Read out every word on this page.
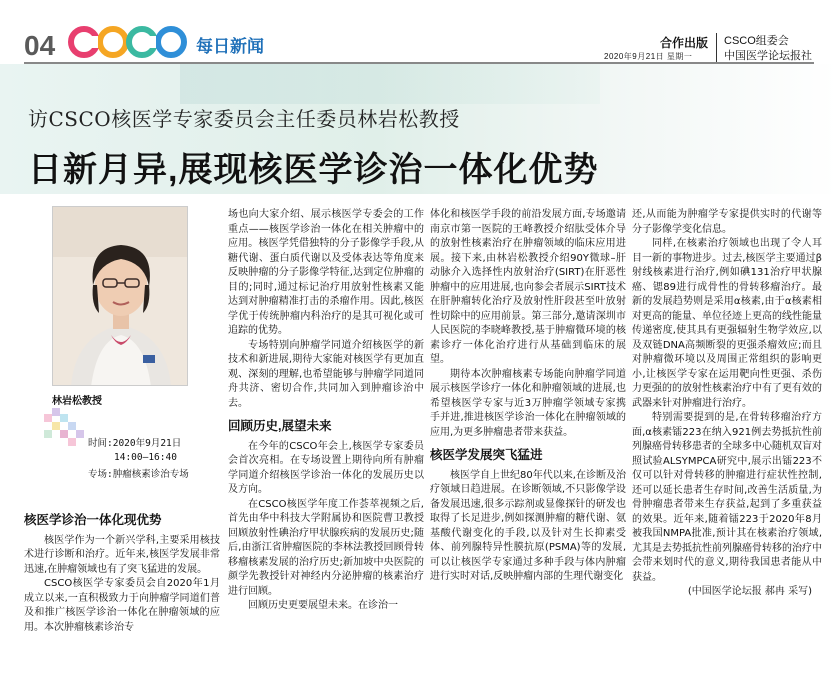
04	每日新闻	合作出版 CSCO组委会
中国医学论坛报社
2020年9月21日 星期一
访CSCO核医学专家委员会主任委员林岩松教授
日新月异,展现核医学诊治一体化优势
林岩松教授
时间:2020年9月21日
14:00–16:40
专场:肿瘤核素诊治专场
核医学诊治一体化现优势

核医学作为一个新兴学科,主要采用核技术进行诊断和治疗。近年来,核医学发展非常迅速,在肿瘤领域也有了突飞猛进的发展。

CSCO核医学专家委员会自2020年1月成立以来,一直积极致力于向肿瘤学同道们普及和推广核医学诊治一体化在肿瘤领域的应用。本次肿瘤核素诊治专

场也向大家介绍、展示核医学专委会的工作重点——核医学诊治一体化在相关肿瘤中的应用。核医学凭借独特的分子影像学手段,从糖代谢、蛋白质代谢以及受体表达等角度来反映肿瘤的分子影像学特征,达到定位肿瘤的目的;同时,通过标记治疗用放射性核素又能达到对肿瘤精准打击的杀瘤作用。因此,核医学优于传统肿瘤内科治疗的是其可视化或可追踪的优势。

专场特别向肿瘤学同道介绍核医学的新技术和新进展,期待大家能对核医学有更加直观、深刻的理解,也希望能够与肿瘤学同道同舟共济、密切合作,共同加入到肿瘤诊治中去。

回顾历史,展望未来

在今年的CSCO年会上,核医学专家委员会首次亮相。在专场设置上期待向所有肿瘤学同道介绍核医学诊治一体化的发展历史以及方向。

在CSCO核医学年度工作荟萃视频之后,首先由华中科技大学附属协和医院曹卫教授回顾放射性碘治疗甲状腺疾病的发展历史;随后,由浙江省肿瘤医院的李林法教授回顾骨转移瘤核素发展的治疗历史;新加坡中央医院的颜学先教授针对神经内分泌肿瘤的核素治疗进行回顾。

回顾历史更要展望未来。在诊治一

体化和核医学手段的前沿发展方面,专场邀请南京市第一医院的王峰教授介绍肽受体介导的放射性核素治疗在肿瘤领域的临床应用进展。接下来,由林岩松教授介绍90Y微球–肝动脉介入选择性内放射治疗(SIRT)在肝恶性肿瘤中的应用进展,也向参会者展示SIRT技术在肝肿瘤转化治疗及放射性肝段甚至叶放射性切除中的应用前景。第三部分,邀请深圳市人民医院的李晓峰教授,基于肿瘤微环境的核素诊疗一体化治疗进行从基础到临床的展望。

期待本次肿瘤核素专场能向肿瘤学同道展示核医学诊疗一体化和肿瘤领域的进展,也希望核医学专家与近3万肿瘤学领域专家携手并进,推进核医学诊治一体化在肿瘤领域的应用,为更多肿瘤患者带来获益。

核医学发展突飞猛进

核医学自上世纪80年代以来,在诊断及治疗领域日趋进展。在诊断领域,不只影像学设备发展迅速,很多示踪剂或显像探针的研发也取得了长足进步,例如探测肿瘤的糖代谢、氨基酸代谢变化的手段,以及针对生长抑素受体、前列腺特异性膜抗原(PSMA)等的发展,可以让核医学专家通过多种手段与体内肿瘤进行实时对话,反映肿瘤内部的生理代谢变化

还,从而能为肿瘤学专家提供实时的代谢等分子影像学变化信息。

同样,在核素治疗领域也出现了令人耳目一新的事物进步。过去,核医学主要通过β射线核素进行治疗,例如碘131治疗甲状腺癌、锶89进行成骨性的骨转移瘤治疗。最新的发展趋势则是采用α核素,由于α核素相对更高的能量、单位径迹上更高的线性能量传递密度,使其具有更强辐射生物学效应,以及双链DNA高频断裂的更强杀瘤效应;而且对肿瘤微环境以及周围正常组织的影响更小,让核医学专家在运用靶向性更强、杀伤力更强的的放射性核素治疗中有了更有效的武器来针对肿瘤进行治疗。

特别需要提到的是,在骨转移瘤治疗方面,α核素镭223在纳入921例去势抵抗性前列腺癌骨转移患者的全球多中心随机双盲对照试验ALSYMPCA研究中,展示出镭223不仅可以针对骨转移的肿瘤进行症状性控制,还可以延长患者生存时间,改善生活质量,为骨肿瘤患者带来生存获益,起到了多重获益的效果。近年来,随着镭223于2020年8月被我国NMPA批准,预计其在核素治疗领域,尤其是去势抵抗性前列腺癌骨转移的治疗中会带来划时代的意义,期待我国患者能从中获益。

(中国医学论坛报 郝冉 采写)
